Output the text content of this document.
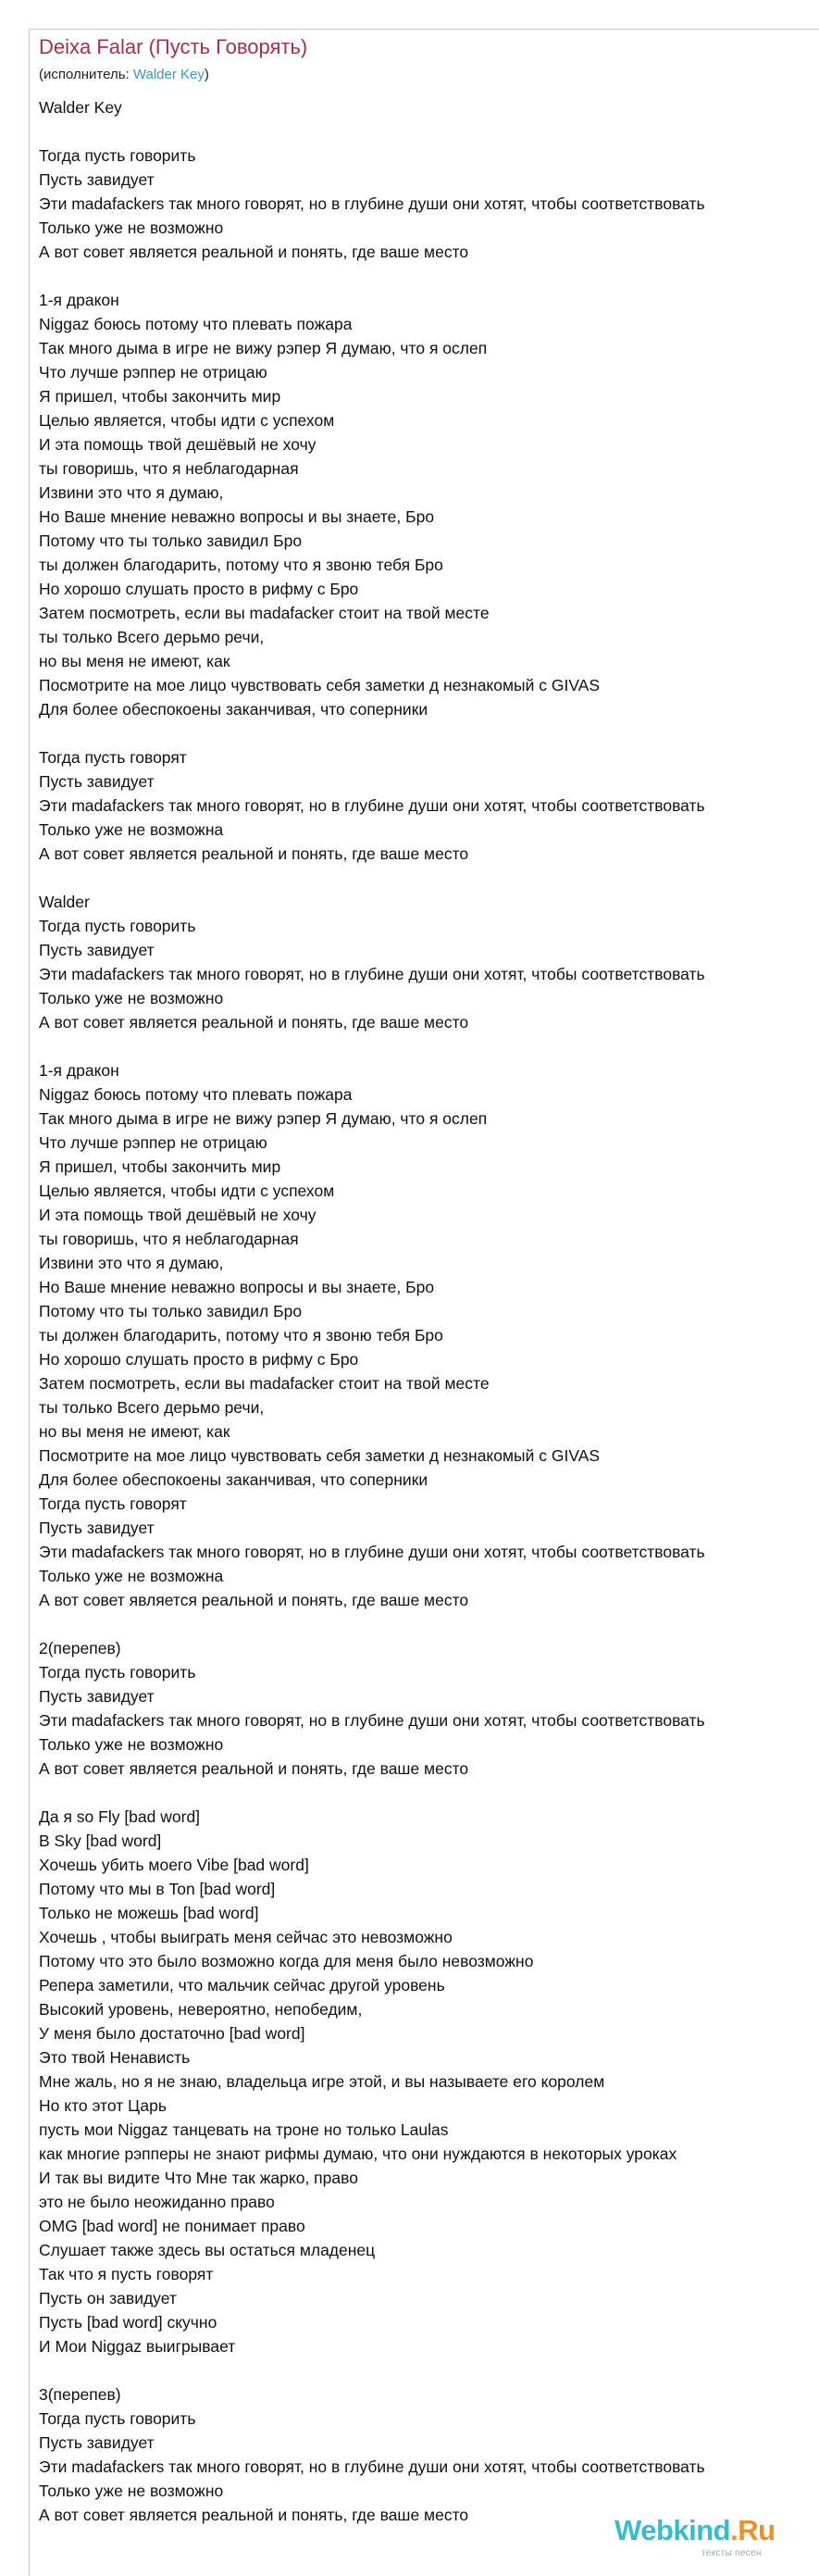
Deixa Falar (Пусть Говорять)
(исполнитель: Walder Key)
Walder Key
Тогда пусть говорить
Пусть завидует
Эти madafackers так много говорят, но в глубине души они хотят, чтобы соответствовать
Только уже не возможно
А вот совет является реальной и понять, где ваше место
1-я дракон
Niggaz боюсь потому что плевать пожара
Так много дыма в игре не вижу рэпер Я думаю, что я ослеп
Что лучше рэппер не отрицаю
Я пришел, чтобы закончить мир
Целью является, чтобы идти с успехом
И эта помощь твой дешёвый не хочу
ты говоришь, что я неблагодарная
Извини это что я думаю,
Но Ваше мнение неважно вопросы и вы знаете, Бро
Потому что ты только завидил Бро
ты должен благодарить, потому что я звоню тебя Бро
Но хорошо слушать просто в рифму с Бро
Затем посмотреть, если вы madafacker стоит на твой месте
ты только Всего дерьмо речи,
но вы меня не имеют, как
Посмотрите на мое лицо чувствовать себя заметки д незнакомый с GIVAS
Для более обеспокоены заканчивая, что соперники
Тогда пусть говорят
Пусть завидует
Эти madafackers так много говорят, но в глубине души они хотят, чтобы соответствовать
Только уже не возможна
А вот совет является реальной и понять, где ваше место
Walder
Тогда пусть говорить
Пусть завидует
Эти madafackers так много говорят, но в глубине души они хотят, чтобы соответствовать
Только уже не возможно
А вот совет является реальной и понять, где ваше место
1-я дракон
Niggaz боюсь потому что плевать пожара
Так много дыма в игре не вижу рэпер Я думаю, что я ослеп
Что лучше рэппер не отрицаю
Я пришел, чтобы закончить мир
Целью является, чтобы идти с успехом
И эта помощь твой дешёвый не хочу
ты говоришь, что я неблагодарная
Извини это что я думаю,
Но Ваше мнение неважно вопросы и вы знаете, Бро
Потому что ты только завидил Бро
ты должен благодарить, потому что я звоню тебя Бро
Но хорошо слушать просто в рифму с Бро
Затем посмотреть, если вы madafacker стоит на твой месте
ты только Всего дерьмо речи,
но вы меня не имеют, как
Посмотрите на мое лицо чувствовать себя заметки д незнакомый с GIVAS
Для более обеспокоены заканчивая, что соперники
Тогда пусть говорят
Пусть завидует
Эти madafackers так много говорят, но в глубине души они хотят, чтобы соответствовать
Только уже не возможна
А вот совет является реальной и понять, где ваше место
2(перепев)
Тогда пусть говорить
Пусть завидует
Эти madafackers так много говорят, но в глубине души они хотят, чтобы соответствовать
Только уже не возможно
А вот совет является реальной и понять, где ваше место
Да я so Fly [bad word]
В Sky [bad word]
Хочешь убить моего Vibe [bad word]
Потому что мы в Ton [bad word]
Только не можешь [bad word]
Хочешь , чтобы выиграть меня сейчас это невозможно
Потому что это было возможно когда для меня было невозможно
Репера заметили, что мальчик сейчас другой уровень
Высокий уровень, невероятно, непобедим,
У меня было достаточно [bad word]
Это твой Ненависть
Мне жаль, но я не знаю, владельца игре этой, и вы называете его королем
Но кто этот Царь
пусть мои Niggaz танцевать на троне но только Laulas
как многие рэпперы не знают рифмы думаю, что они нуждаются в некоторых уроках
И так вы видите Что Мне так жарко, право
это не было неожиданно право
OMG [bad word] не понимает право
Слушает также здесь вы остаться младенец
Так что я пусть говорят
Пусть он завидует
Пусть [bad word] скучно
И Мои Niggaz выигрывает
3(перепев)
Тогда пусть говорить
Пусть завидует
Эти madafackers так много говорят, но в глубине души они хотят, чтобы соответствовать
Только уже не возможно
А вот совет является реальной и понять, где ваше место	Webkind.Ru
тексты песен
